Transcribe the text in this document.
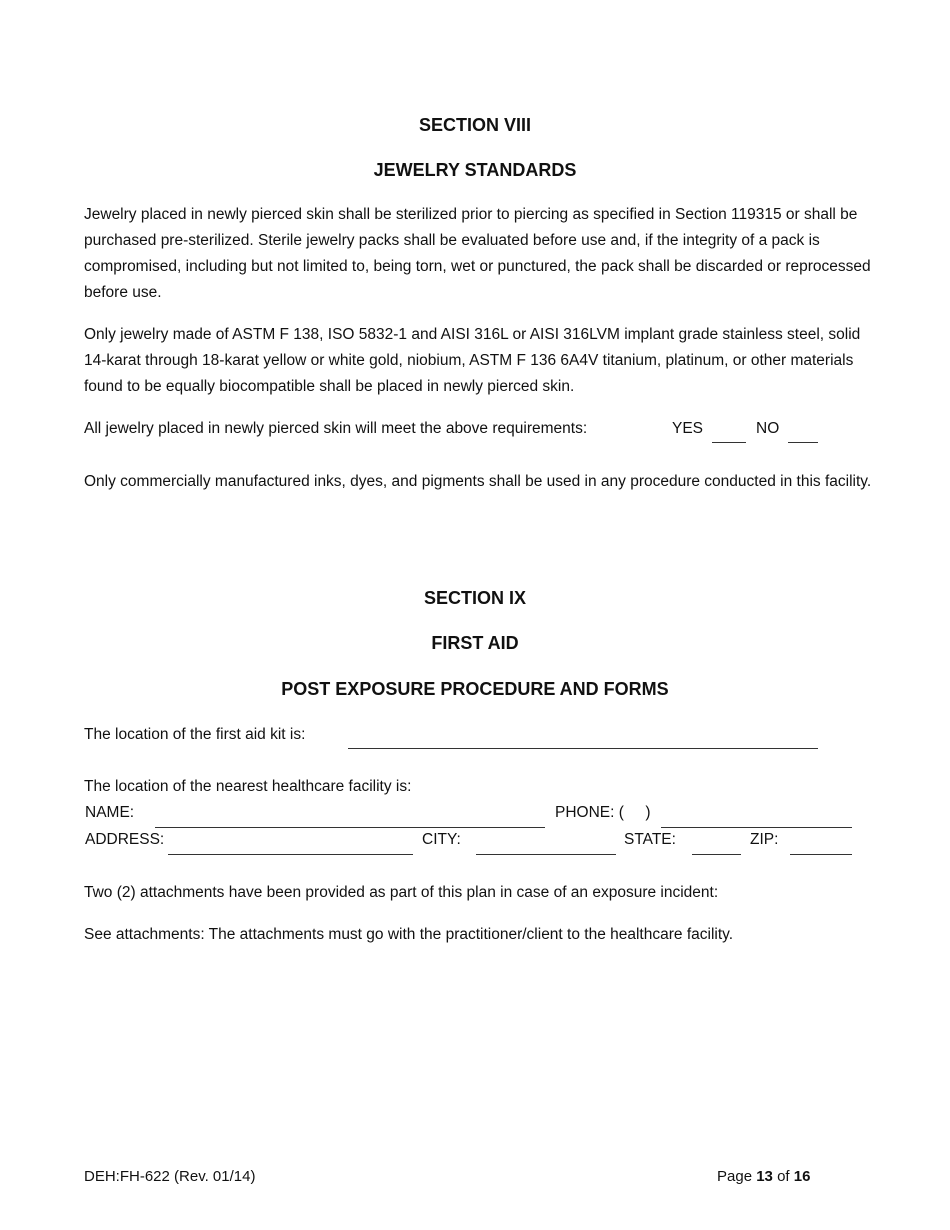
SECTION VIII
JEWELRY STANDARDS
Jewelry placed in newly pierced skin shall be sterilized prior to piercing as specified in Section 119315 or shall be purchased pre-sterilized. Sterile jewelry packs shall be evaluated before use and, if the integrity of a pack is compromised, including but not limited to, being torn, wet or punctured, the pack shall be discarded or reprocessed before use.
Only jewelry made of ASTM F 138, ISO 5832-1 and AISI 316L or AISI 316LVM implant grade stainless steel, solid 14-karat through 18-karat yellow or white gold, niobium, ASTM F 136 6A4V titanium, platinum, or other materials found to be equally biocompatible shall be placed in newly pierced skin.
All jewelry placed in newly pierced skin will meet the above requirements:	YES	NO
Only commercially manufactured inks, dyes, and pigments shall be used in any procedure conducted in this facility.
SECTION IX
FIRST AID
POST EXPOSURE PROCEDURE AND FORMS
The location of the first aid kit is:
The location of the nearest healthcare facility is:
NAME:	PHONE: (     )
ADDRESS:	CITY:	STATE:	ZIP:
Two (2) attachments have been provided as part of this plan in case of an exposure incident:
See attachments: The attachments must go with the practitioner/client to the healthcare facility.
DEH:FH-622 (Rev. 01/14)	Page 13 of 16
